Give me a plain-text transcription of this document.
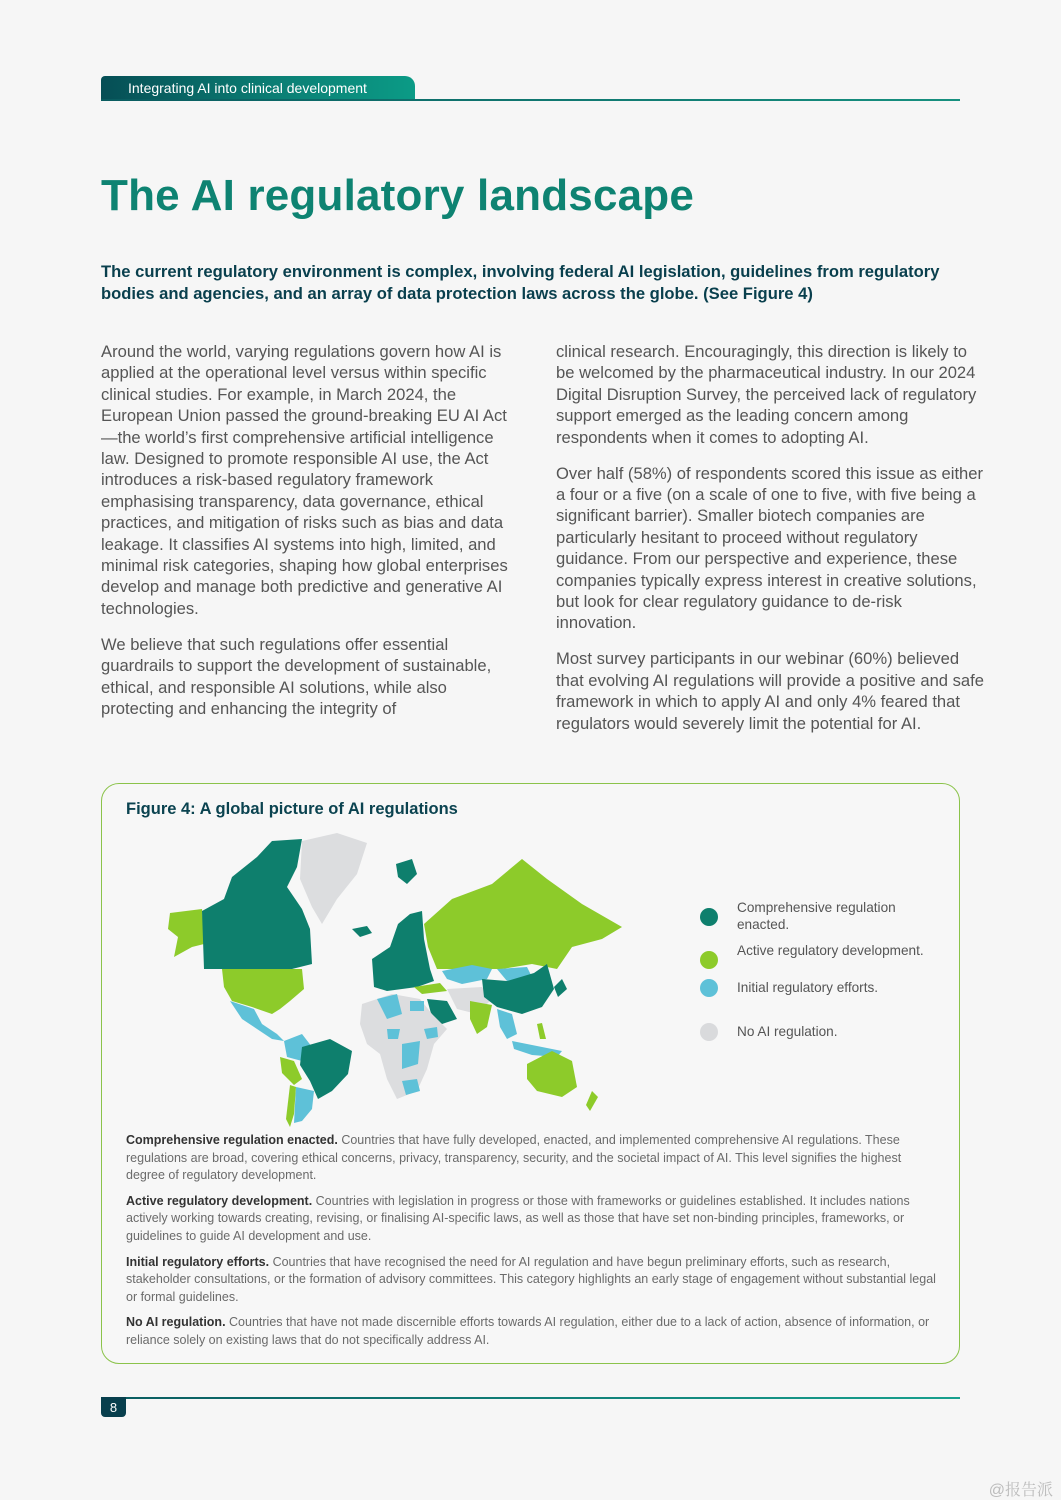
Integrating AI into clinical development
The AI regulatory landscape
The current regulatory environment is complex, involving federal AI legislation, guidelines from regulatory bodies and agencies, and an array of data protection laws across the globe. (See Figure 4)

Around the world, varying regulations govern how AI is applied at the operational level versus within specific clinical studies. For example, in March 2024, the European Union passed the ground-breaking EU AI Act—the world’s first comprehensive artificial intelligence law. Designed to promote responsible AI use, the Act introduces a risk-based regulatory framework emphasising transparency, data governance, ethical practices, and mitigation of risks such as bias and data leakage. It classifies AI systems into high, limited, and minimal risk categories, shaping how global enterprises develop and manage both predictive and generative AI technologies.

We believe that such regulations offer essential guardrails to support the development of sustainable, ethical, and responsible AI solutions, while also protecting and enhancing the integrity of

clinical research. Encouragingly, this direction is likely to be welcomed by the pharmaceutical industry. In our 2024 Digital Disruption Survey, the perceived lack of regulatory support emerged as the leading concern among respondents when it comes to adopting AI.

Over half (58%) of respondents scored this issue as either a four or a five (on a scale of one to five, with five being a significant barrier). Smaller biotech companies are particularly hesitant to proceed without regulatory guidance. From our perspective and experience, these companies typically express interest in creative solutions, but look for clear regulatory guidance to de-risk innovation.

Most survey participants in our webinar (60%) believed that evolving AI regulations will provide a positive and safe framework in which to apply AI and only 4% feared that regulators would severely limit the potential for AI.

Figure 4: A global picture of AI regulations
Comprehensive regulation enacted.
Active regulatory development.
Initial regulatory efforts.
No AI regulation.

Comprehensive regulation enacted. Countries that have fully developed, enacted, and implemented comprehensive AI regulations. These regulations are broad, covering ethical concerns, privacy, transparency, security, and the societal impact of AI. This level signifies the highest degree of regulatory development.

Active regulatory development. Countries with legislation in progress or those with frameworks or guidelines established. It includes nations actively working towards creating, revising, or finalising AI-specific laws, as well as those that have set non-binding principles, frameworks, or guidelines to guide AI development and use.

Initial regulatory efforts. Countries that have recognised the need for AI regulation and have begun preliminary efforts, such as research, stakeholder consultations, or the formation of advisory committees. This category highlights an early stage of engagement without substantial legal or formal guidelines.

No AI regulation. Countries that have not made discernible efforts towards AI regulation, either due to a lack of action, absence of information, or reliance solely on existing laws that do not specifically address AI.

8
@报告派
